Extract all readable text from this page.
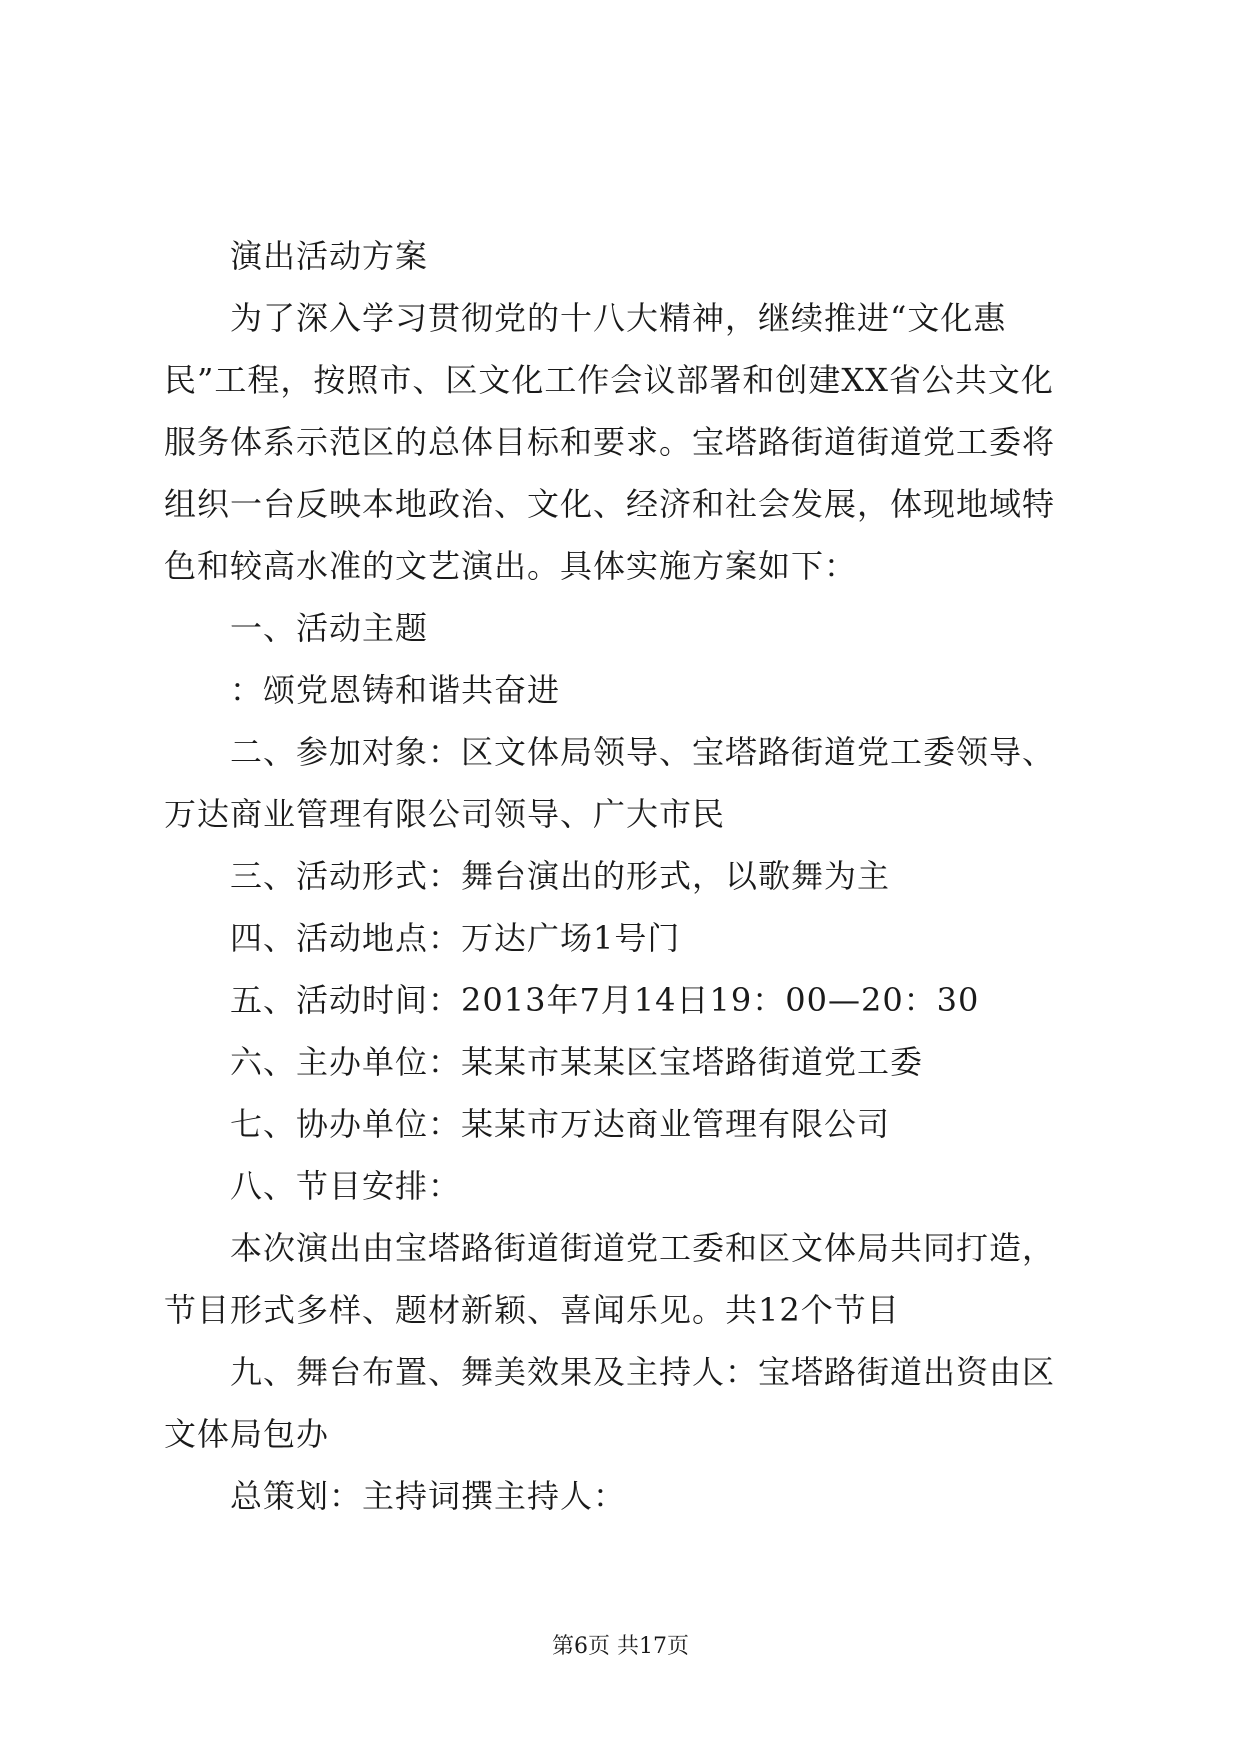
演出活动方案

为了深入学习贯彻党的十八大精神，继续推进“文化惠民”工程，按照市、区文化工作会议部署和创建XX省公共文化服务体系示范区的总体目标和要求。宝塔路街道街道党工委将组织一台反映本地政治、文化、经济和社会发展，体现地域特色和较高水准的文艺演出。具体实施方案如下：

一、活动主题

：颂党恩铸和谐共奋进

二、参加对象：区文体局领导、宝塔路街道党工委领导、万达商业管理有限公司领导、广大市民

三、活动形式：舞台演出的形式，以歌舞为主

四、活动地点：万达广场1号门

五、活动时间：2013年7月14日19：00—20：30

六、主办单位：某某市某某区宝塔路街道党工委

七、协办单位：某某市万达商业管理有限公司

八、节目安排：

本次演出由宝塔路街道街道党工委和区文体局共同打造，节目形式多样、题材新颖、喜闻乐见。共12个节目

九、舞台布置、舞美效果及主持人：宝塔路街道出资由区文体局包办

总策划：主持词撰主持人：

第6页 共17页
